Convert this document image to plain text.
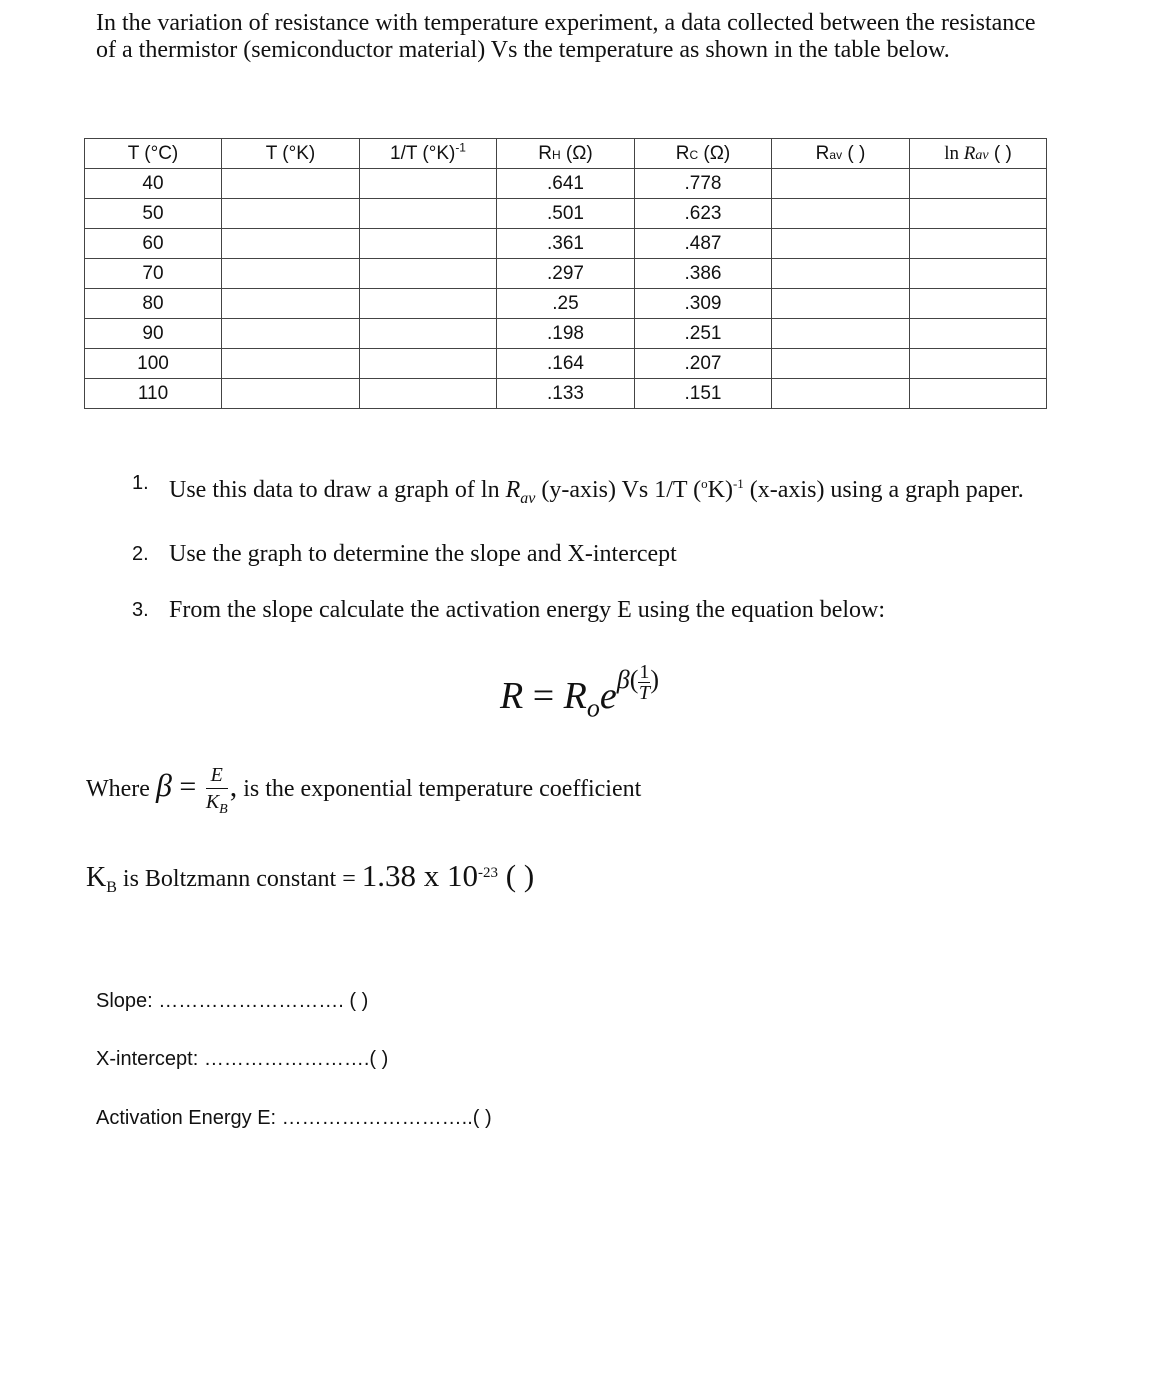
In the variation of resistance with temperature experiment, a data collected between the resistance of a thermistor (semiconductor material) Vs the temperature as shown in the table below.
T (°C)	T (°K)	1/T $(^\circ K)^{-1}$	RH (Ω)	RC (Ω)	Rav ( )	ln Rav ( )
40			.641	.778		
50			.501	.623		
60			.361	.487		
70			.297	.386		
80			.25	.309		
90			.198	.251		
100			.164	.207		
110			.133	.151		
1. Use this data to draw a graph of $\ln R_{av}$ (y-axis) Vs 1/T $(^oK)^{-1}$ (x-axis) using a graph paper.
2. Use the graph to determine the slope and X-intercept
3. From the slope calculate the activation energy E using the equation below:
$R = R_oe^{\beta( \frac{1}{T} )}$
Where $\beta = \frac{E}{K_B}$ , is the exponential temperature coefficient
$K_B$ is Boltzmann constant = 1.38 x $10^{-23}$ ( )
Slope: ………………………. ( )
X-intercept: …………………….( )
Activation Energy E: ………………………..( )
